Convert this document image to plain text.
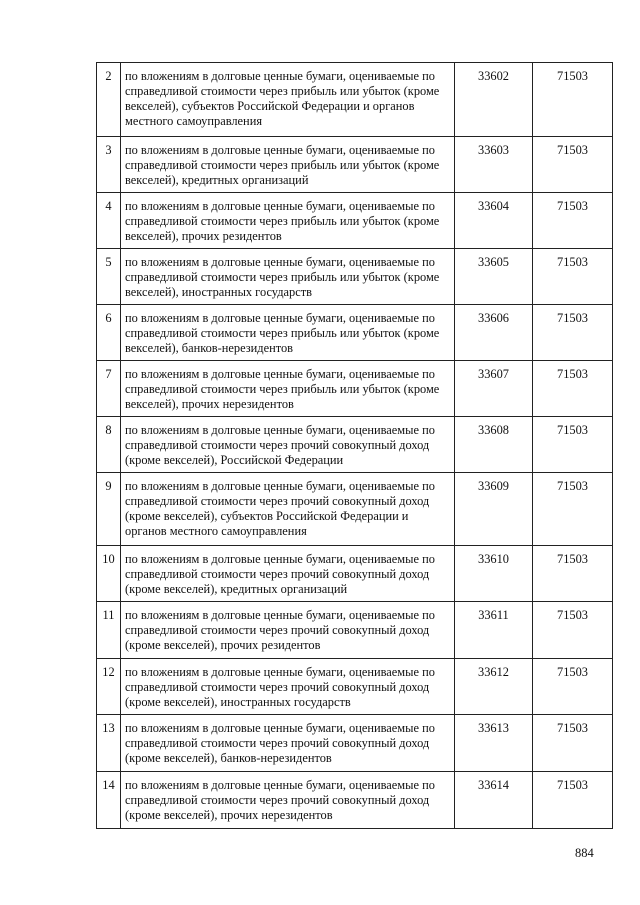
2	по вложениям в долговые ценные бумаги, оцениваемые по справедливой стоимости через прибыль или убыток (кроме векселей), субъектов Российской Федерации и органов местного самоуправления	33602	71503
3	по вложениям в долговые ценные бумаги, оцениваемые по справедливой стоимости через прибыль или убыток (кроме векселей), кредитных организаций	33603	71503
4	по вложениям в долговые ценные бумаги, оцениваемые по справедливой стоимости через прибыль или убыток (кроме векселей), прочих резидентов	33604	71503
5	по вложениям в долговые ценные бумаги, оцениваемые по справедливой стоимости через прибыль или убыток (кроме векселей), иностранных государств	33605	71503
6	по вложениям в долговые ценные бумаги, оцениваемые по справедливой стоимости через прибыль или убыток (кроме векселей), банков-нерезидентов	33606	71503
7	по вложениям в долговые ценные бумаги, оцениваемые по справедливой стоимости через прибыль или убыток (кроме векселей), прочих нерезидентов	33607	71503
8	по вложениям в долговые ценные бумаги, оцениваемые по справедливой стоимости через прочий совокупный доход (кроме векселей), Российской Федерации	33608	71503
9	по вложениям в долговые ценные бумаги, оцениваемые по справедливой стоимости через прочий совокупный доход (кроме векселей), субъектов Российской Федерации и органов местного самоуправления	33609	71503
10	по вложениям в долговые ценные бумаги, оцениваемые по справедливой стоимости через прочий совокупный доход (кроме векселей), кредитных организаций	33610	71503
11	по вложениям в долговые ценные бумаги, оцениваемые по справедливой стоимости через прочий совокупный доход (кроме векселей), прочих резидентов	33611	71503
12	по вложениям в долговые ценные бумаги, оцениваемые по справедливой стоимости через прочий совокупный доход (кроме векселей), иностранных государств	33612	71503
13	по вложениям в долговые ценные бумаги, оцениваемые по справедливой стоимости через прочий совокупный доход (кроме векселей), банков-нерезидентов	33613	71503
14	по вложениям в долговые ценные бумаги, оцениваемые по справедливой стоимости через прочий совокупный доход (кроме векселей), прочих нерезидентов	33614	71503
884
